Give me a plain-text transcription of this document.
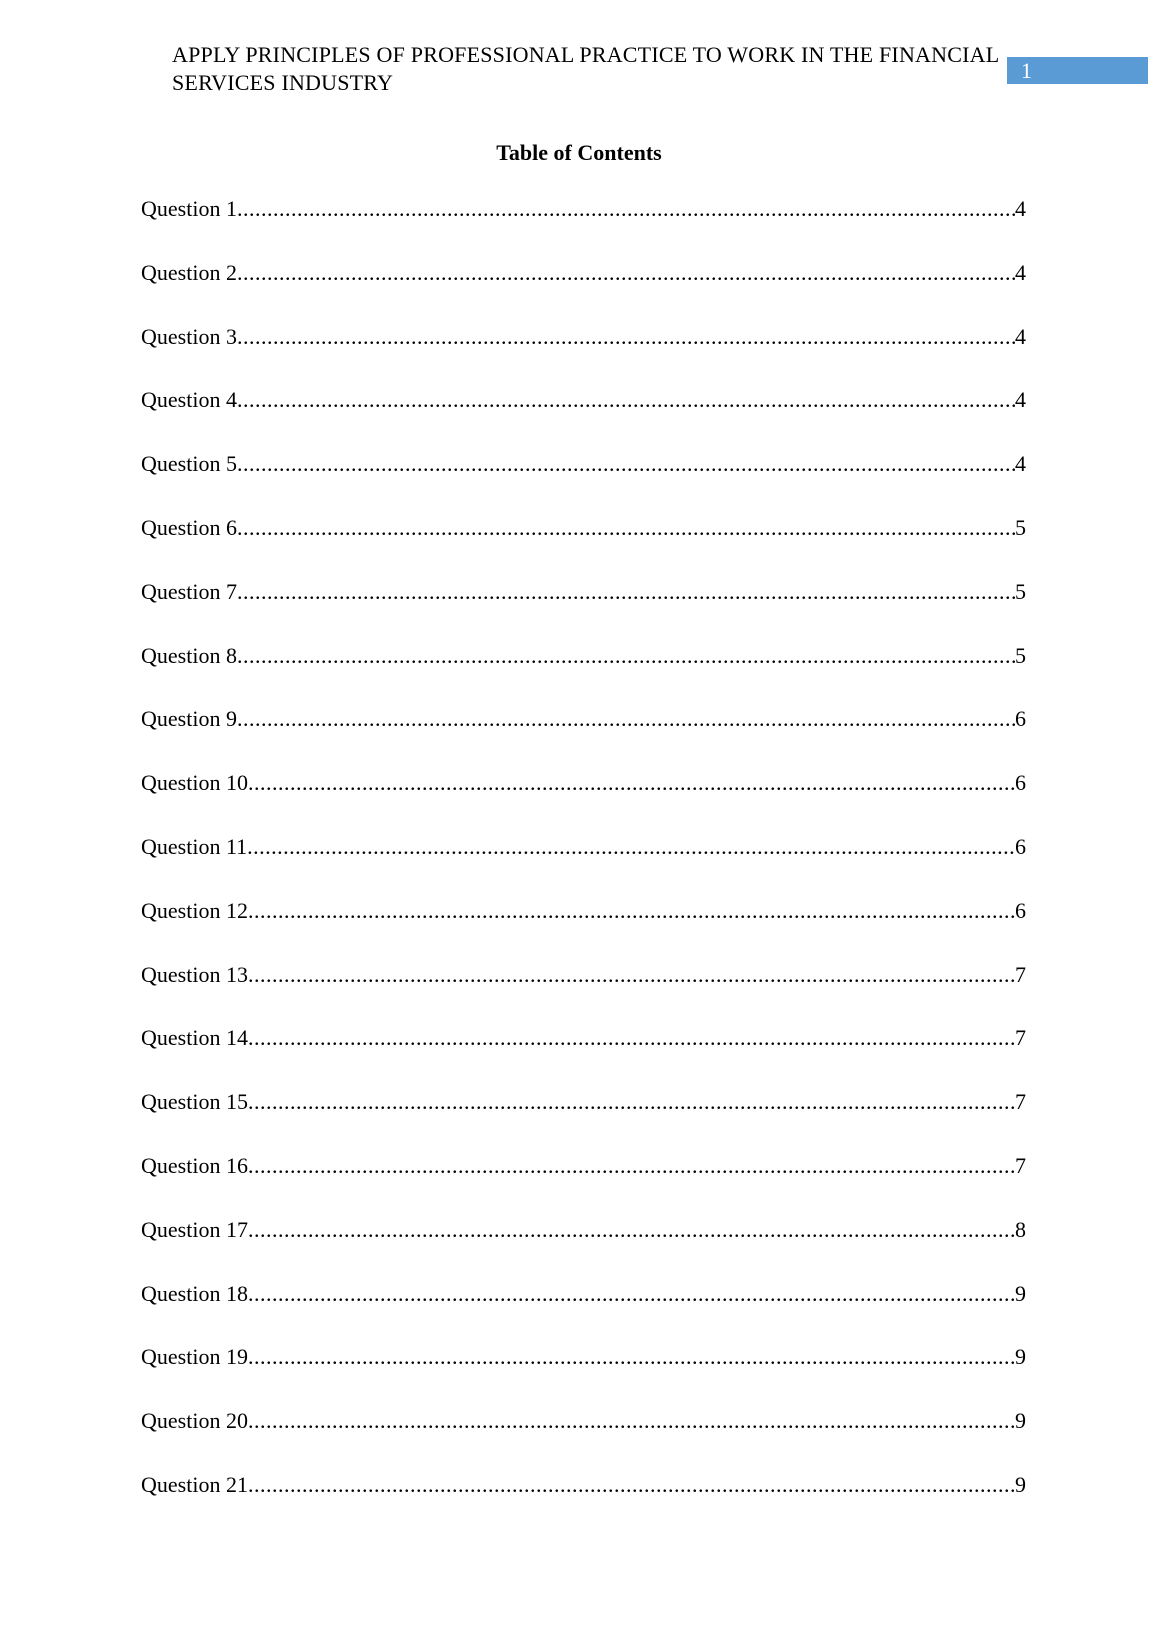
1
APPLY PRINCIPLES OF PROFESSIONAL PRACTICE TO WORK IN THE FINANCIAL SERVICES INDUSTRY
Table of Contents
Question 1 .....	4
Question 2 .....	4
Question 3 .....	4
Question 4 .....	4
Question 5 .....	4
Question 6 .....	5
Question 7 .....	5
Question 8 .....	5
Question 9 .....	6
Question 10 .....	6
Question 11 .....	6
Question 12 .....	6
Question 13 .....	7
Question 14 .....	7
Question 15 .....	7
Question 16 .....	7
Question 17 .....	8
Question 18 .....	9
Question 19 .....	9
Question 20 .....	9
Question 21 .....	9
